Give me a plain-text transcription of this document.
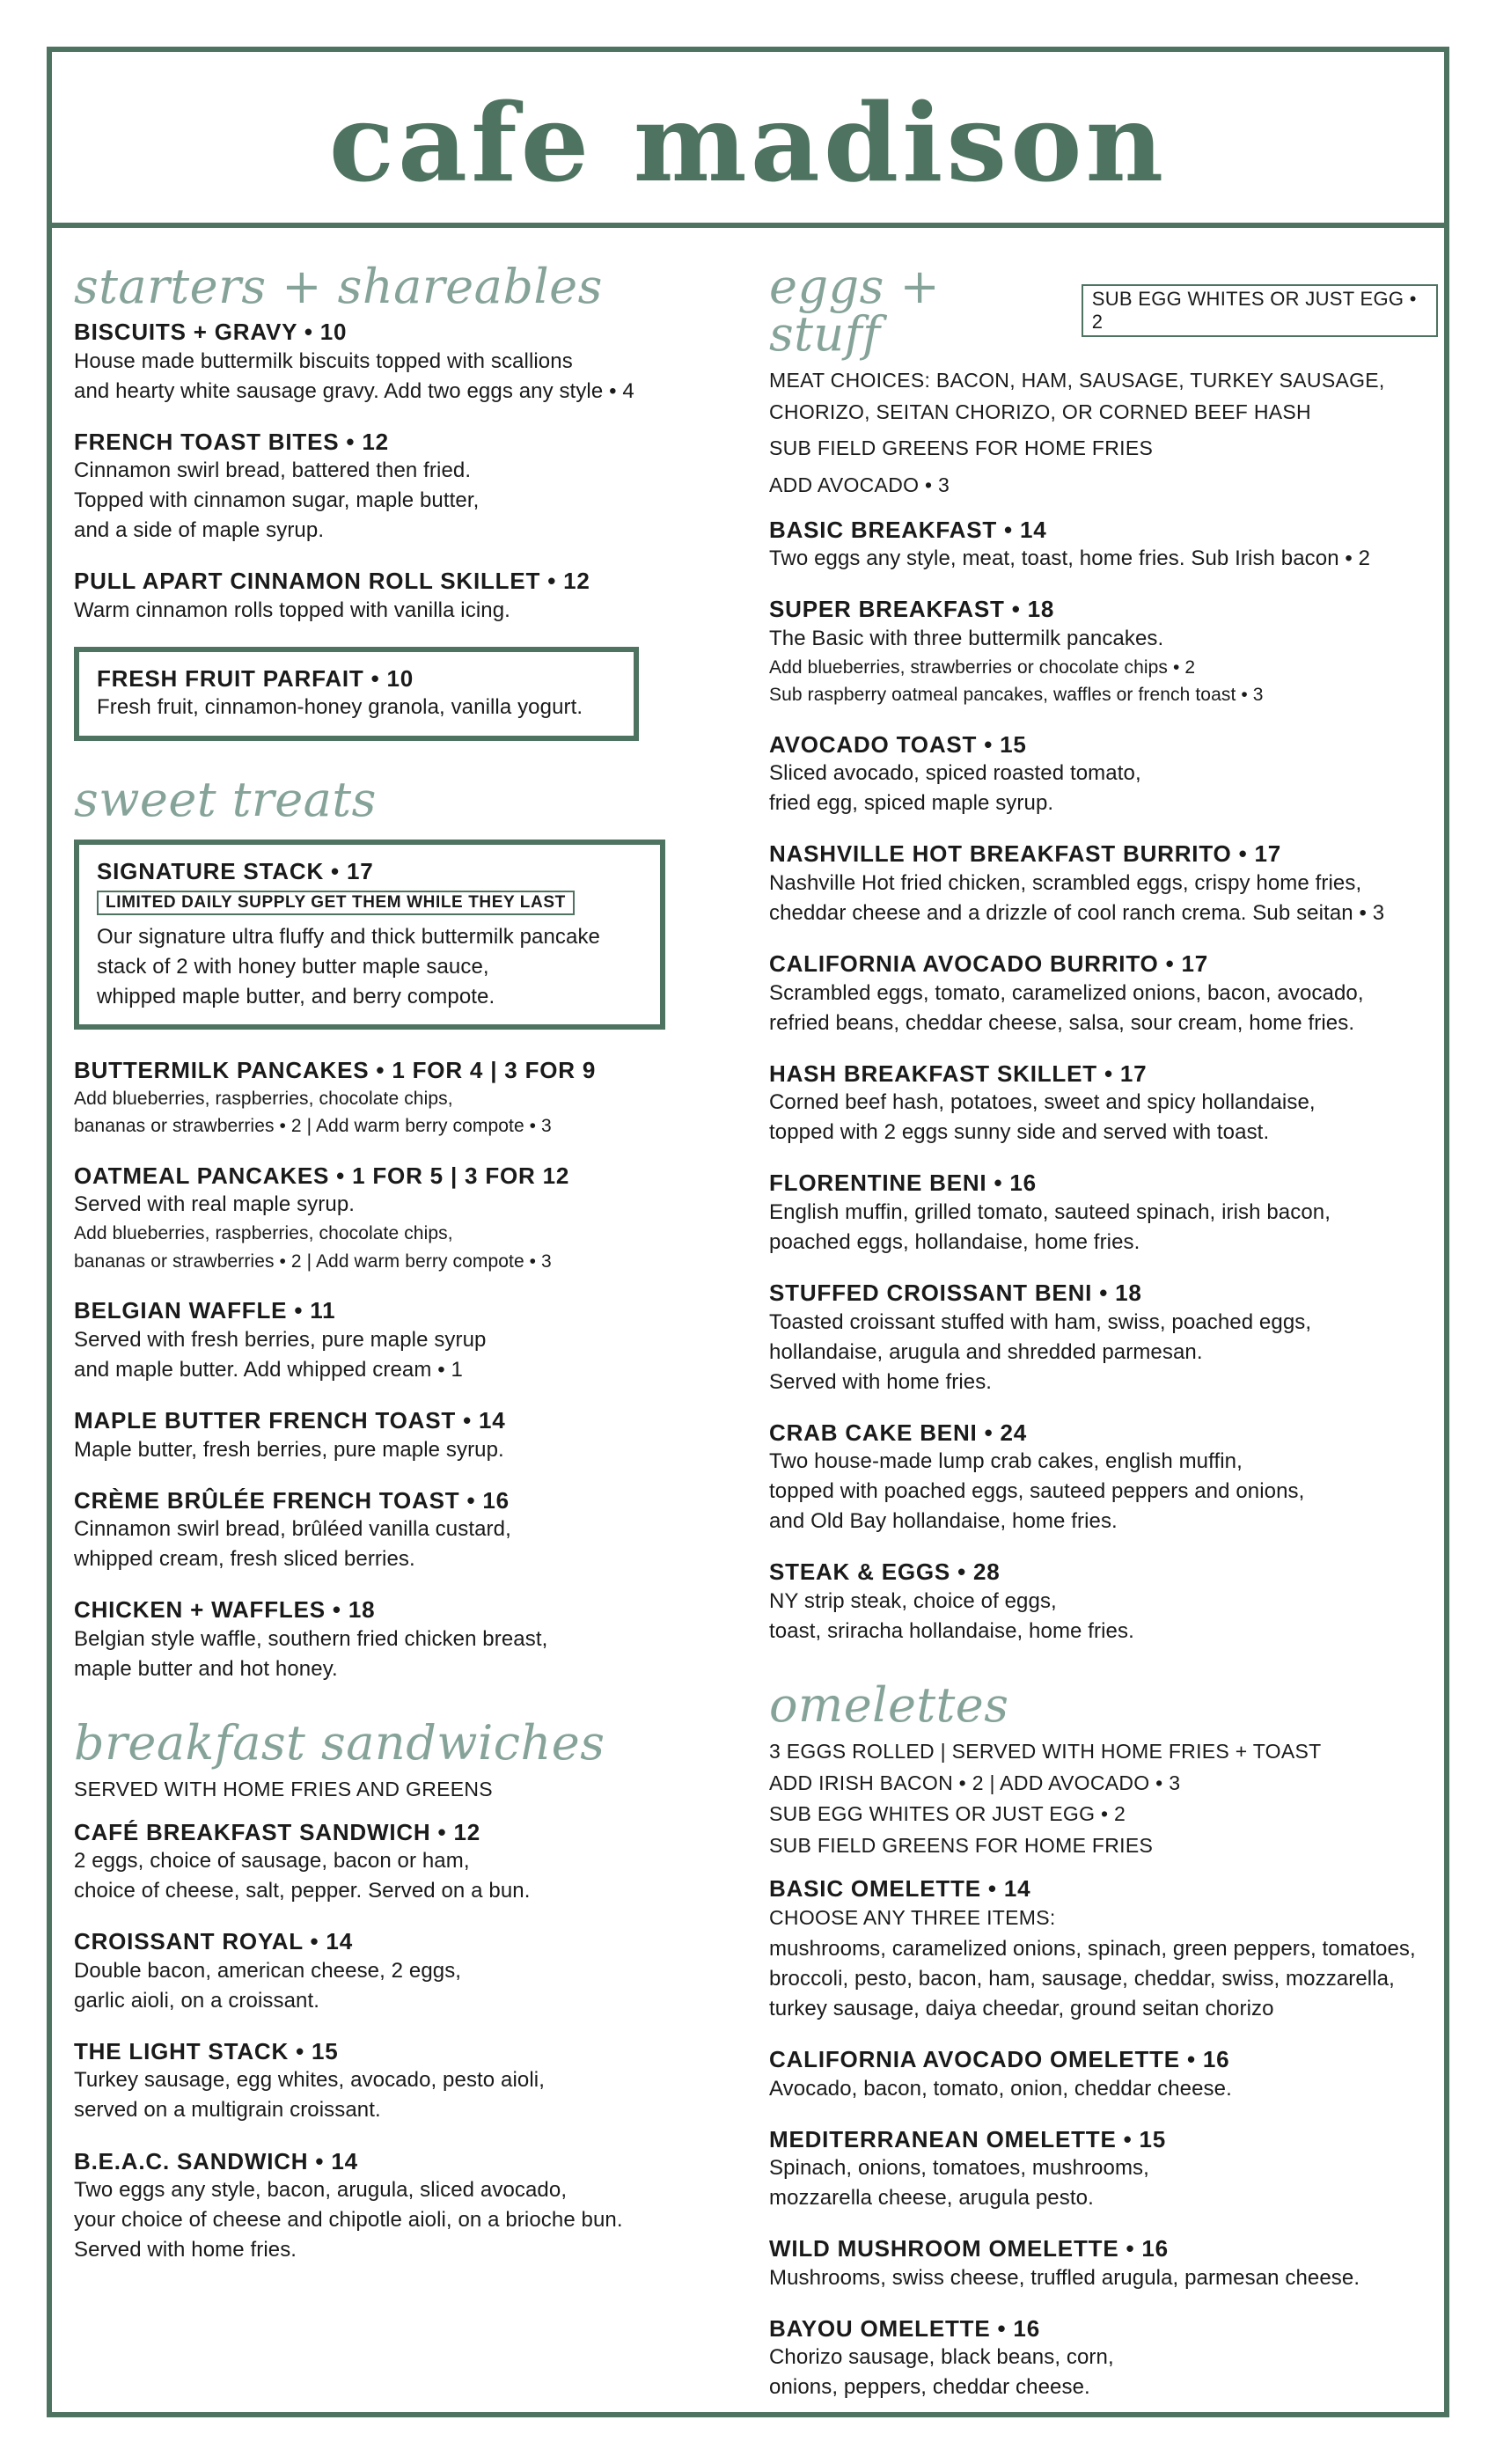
cafe madison
starters + shareables
BISCUITS + GRAVY • 10
House made buttermilk biscuits topped with scallions
and hearty white sausage gravy. Add two eggs any style • 4
FRENCH TOAST BITES • 12
Cinnamon swirl bread, battered then fried.
Topped with cinnamon sugar, maple butter,
and a side of maple syrup.
PULL APART CINNAMON ROLL SKILLET • 12
Warm cinnamon rolls topped with vanilla icing.
FRESH FRUIT PARFAIT • 10
Fresh fruit, cinnamon-honey granola, vanilla yogurt.
sweet treats
SIGNATURE STACK • 17
LIMITED DAILY SUPPLY GET THEM WHILE THEY LAST
Our signature ultra fluffy and thick buttermilk pancake
stack of 2 with honey butter maple sauce,
whipped maple butter, and berry compote.
BUTTERMILK PANCAKES • 1 FOR 4 | 3 FOR 9
Add blueberries, raspberries, chocolate chips,
bananas or strawberries • 2 | Add warm berry compote • 3
OATMEAL PANCAKES • 1 FOR 5 | 3 FOR 12
Served with real maple syrup.
Add blueberries, raspberries, chocolate chips,
bananas or strawberries • 2 | Add warm berry compote • 3
BELGIAN WAFFLE • 11
Served with fresh berries, pure maple syrup
and maple butter. Add whipped cream • 1
MAPLE BUTTER FRENCH TOAST • 14
Maple butter, fresh berries, pure maple syrup.
CRÈME BRÛLÉE FRENCH TOAST • 16
Cinnamon swirl bread, brûléed vanilla custard,
whipped cream, fresh sliced berries.
CHICKEN + WAFFLES • 18
Belgian style waffle, southern fried chicken breast,
maple butter and hot honey.
breakfast sandwiches
SERVED WITH HOME FRIES AND GREENS
CAFÉ BREAKFAST SANDWICH • 12
2 eggs, choice of sausage, bacon or ham,
choice of cheese, salt, pepper. Served on a bun.
CROISSANT ROYAL • 14
Double bacon, american cheese, 2 eggs,
garlic aioli, on a croissant.
THE LIGHT STACK • 15
Turkey sausage, egg whites, avocado, pesto aioli,
served on a multigrain croissant.
B.E.A.C. SANDWICH • 14
Two eggs any style, bacon, arugula, sliced avocado,
your choice of cheese and chipotle aioli, on a brioche bun.
Served with home fries.
eggs + stuff
SUB EGG WHITES OR JUST EGG • 2
MEAT CHOICES: BACON, HAM, SAUSAGE, TURKEY SAUSAGE,
CHORIZO, SEITAN CHORIZO, OR CORNED BEEF HASH
SUB FIELD GREENS FOR HOME FRIES
ADD AVOCADO • 3
BASIC BREAKFAST • 14
Two eggs any style, meat, toast, home fries. Sub Irish bacon • 2
SUPER BREAKFAST • 18
The Basic with three buttermilk pancakes.
Add blueberries, strawberries or chocolate chips • 2
Sub raspberry oatmeal pancakes, waffles or french toast • 3
AVOCADO TOAST • 15
Sliced avocado, spiced roasted tomato,
fried egg, spiced maple syrup.
NASHVILLE HOT BREAKFAST BURRITO • 17
Nashville Hot fried chicken, scrambled eggs, crispy home fries,
cheddar cheese and a drizzle of cool ranch crema. Sub seitan • 3
CALIFORNIA AVOCADO BURRITO • 17
Scrambled eggs, tomato, caramelized onions, bacon, avocado,
refried beans, cheddar cheese, salsa, sour cream, home fries.
HASH BREAKFAST SKILLET • 17
Corned beef hash, potatoes, sweet and spicy hollandaise,
topped with 2 eggs sunny side and served with toast.
FLORENTINE BENI • 16
English muffin, grilled tomato, sauteed spinach, irish bacon,
poached eggs, hollandaise, home fries.
STUFFED CROISSANT BENI • 18
Toasted croissant stuffed with ham, swiss, poached eggs,
hollandaise, arugula and shredded parmesan.
Served with home fries.
CRAB CAKE BENI • 24
Two house-made lump crab cakes, english muffin,
topped with poached eggs, sauteed peppers and onions,
and Old Bay hollandaise, home fries.
STEAK & EGGS • 28
NY strip steak, choice of eggs,
toast, sriracha hollandaise, home fries.
omelettes
3 EGGS ROLLED | SERVED WITH HOME FRIES + TOAST
ADD IRISH BACON • 2 | ADD AVOCADO • 3
SUB EGG WHITES OR JUST EGG • 2
SUB FIELD GREENS FOR HOME FRIES
BASIC OMELETTE • 14
CHOOSE ANY THREE ITEMS:
mushrooms, caramelized onions, spinach, green peppers, tomatoes,
broccoli, pesto, bacon, ham, sausage, cheddar, swiss, mozzarella,
turkey sausage, daiya cheedar, ground seitan chorizo
CALIFORNIA AVOCADO OMELETTE • 16
Avocado, bacon, tomato, onion, cheddar cheese.
MEDITERRANEAN OMELETTE • 15
Spinach, onions, tomatoes, mushrooms,
mozzarella cheese, arugula pesto.
WILD MUSHROOM OMELETTE • 16
Mushrooms, swiss cheese, truffled arugula, parmesan cheese.
BAYOU OMELETTE • 16
Chorizo sausage, black beans, corn,
onions, peppers, cheddar cheese.
